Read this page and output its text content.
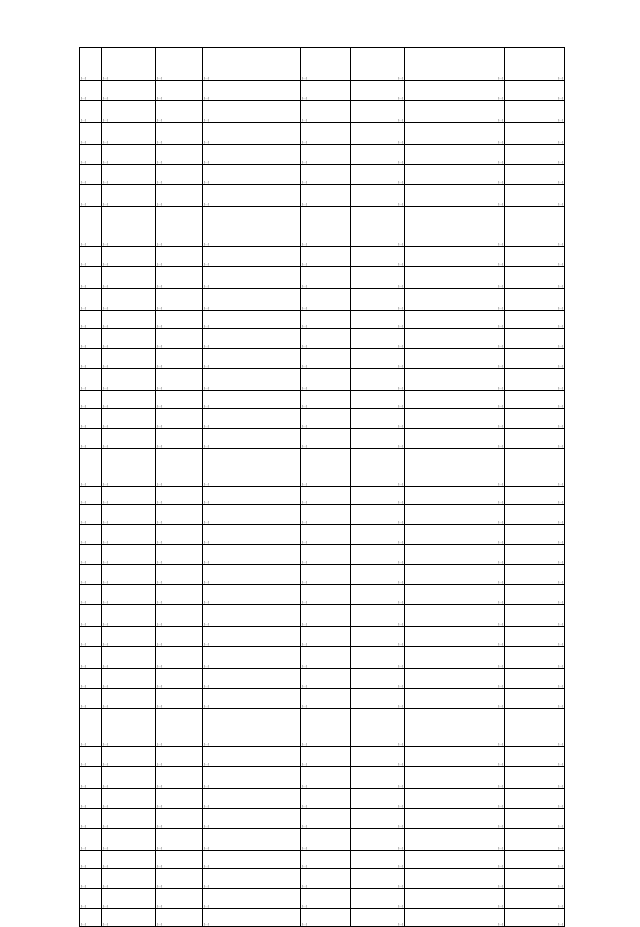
[…]	[…]	[…]	[…]	[…]	[…]	[…]	[…]
[…]	[…]	[…]	[…]	[…]	[…]	[…]	[…]
[…]	[…]	[…]	[…]	[…]	[…]	[…]	[…]
[…]	[…]	[…]	[…]	[…]	[…]	[…]	[…]
[…]	[…]	[…]	[…]	[…]	[…]	[…]	[…]
[…]	[…]	[…]	[…]	[…]	[…]	[…]	[…]
[…]	[…]	[…]	[…]	[…]	[…]	[…]	[…]
[…]	[…]	[…]	[…]	[…]	[…]	[…]	[…]
[…]	[…]	[…]	[…]	[…]	[…]	[…]	[…]
[…]	[…]	[…]	[…]	[…]	[…]	[…]	[…]
[…]	[…]	[…]	[…]	[…]	[…]	[…]	[…]
[…]	[…]	[…]	[…]	[…]	[…]	[…]	[…]
[…]	[…]	[…]	[…]	[…]	[…]	[…]	[…]
[…]	[…]	[…]	[…]	[…]	[…]	[…]	[…]
[…]	[…]	[…]	[…]	[…]	[…]	[…]	[…]
[…]	[…]	[…]	[…]	[…]	[…]	[…]	[…]
[…]	[…]	[…]	[…]	[…]	[…]	[…]	[…]
[…]	[…]	[…]	[…]	[…]	[…]	[…]	[…]
[…]	[…]	[…]	[…]	[…]	[…]	[…]	[…]
[…]	[…]	[…]	[…]	[…]	[…]	[…]	[…]
[…]	[…]	[…]	[…]	[…]	[…]	[…]	[…]
[…]	[…]	[…]	[…]	[…]	[…]	[…]	[…]
[…]	[…]	[…]	[…]	[…]	[…]	[…]	[…]
[…]	[…]	[…]	[…]	[…]	[…]	[…]	[…]
[…]	[…]	[…]	[…]	[…]	[…]	[…]	[…]
[…]	[…]	[…]	[…]	[…]	[…]	[…]	[…]
[…]	[…]	[…]	[…]	[…]	[…]	[…]	[…]
[…]	[…]	[…]	[…]	[…]	[…]	[…]	[…]
[…]	[…]	[…]	[…]	[…]	[…]	[…]	[…]
[…]	[…]	[…]	[…]	[…]	[…]	[…]	[…]
[…]	[…]	[…]	[…]	[…]	[…]	[…]	[…]
[…]	[…]	[…]	[…]	[…]	[…]	[…]	[…]
[…]	[…]	[…]	[…]	[…]	[…]	[…]	[…]
[…]	[…]	[…]	[…]	[…]	[…]	[…]	[…]
[…]	[…]	[…]	[…]	[…]	[…]	[…]	[…]
[…]	[…]	[…]	[…]	[…]	[…]	[…]	[…]
[…]	[…]	[…]	[…]	[…]	[…]	[…]	[…]
[…]	[…]	[…]	[…]	[…]	[…]	[…]	[…]
[…]	[…]	[…]	[…]	[…]	[…]	[…]	[…]
[…]	[…]	[…]	[…]	[…]	[…]	[…]	[…]
